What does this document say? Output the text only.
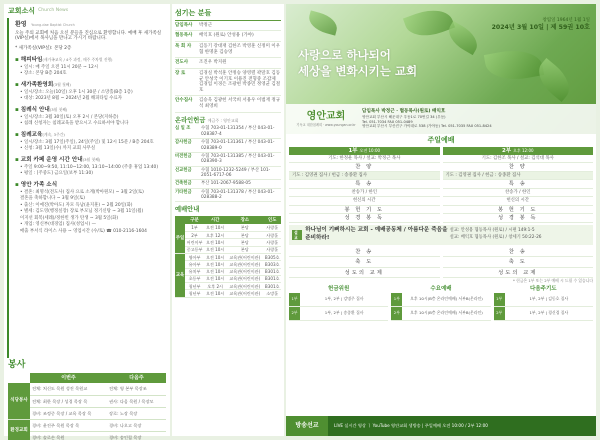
교회소식 Church News
환영 Young-dae Baptist Church
오늘 주의 교회에 처음 오신 분들을 진심으로 환영합니다. 예배 후 새가족실(VIP실)에서 목사님을 만나고 가시기 바랍니다.
* 새가족실(VIP실): 본당 2층
▪ 해피타임(새가족교육 / 4주 과정, 매주 주차별 진행)
• 일시: 매 주일 오전 11시 20분 ~ 12시
• 장소: 본당 B층 204호
▪ 새가족환영회(3월 첫째)
• 일시/장소: 오늘(10일) 오후 1시 30분 / 소망홀(B층 1층)
• 대상: 2023년 8월 ~ 2024년 2월 해피타임 수료자
▪ 침례식 안내(3월 첫째)
• 일시/장소: 3월 30일(토) 오후 2시 / 본당(지하층)
• 침례 신청자는 침례교육을 받으시고 수료하셔야 합니다
▪ 침례교육(계속, 3주간)
• 일시/장소: 3월 17일(주일), 24일(주일) 및 12시 15분 / B층 204호
• 신청: 3월 13일(수) 까지 교회 사무실
▪ 교회 카페 운영 시간 안내(3월 첫째)
• 주일 9:00~9:50, 11:10~12:00, 13:10~14:00 (주중 휴업 13:40)
• 평일 : [주중도] 금요일(보부 11:30)
▪ 영안 가족 소식
• 결혼: 최명석(전도사) 집사 요로 소계(박아원모) ~ 3월 2일(토)
결혼을 축하합니다 ~ 3월 9일(토)
• 출산: 이예진(박아도) 자모 득남(윤지훈) ~ 2월 20일(화)
• 별세: 김도영(행정실장) 장로 부모님 정기신탕 ~ 3월 11일(월)
이지선 회복(세례)/정한빈 생가 탄생 ~ 3월 5일(화)
• 개업: 영신부(대경엄) 집사(성업시) —
매출 부서식 라이스 사용 ~ 영업시간 (수/토) ☎ 010-2116-1604
봉사
	이번주	다음주
식당봉사	전체: 처신도 목원 성진 목원교	전체: 영 본부 목장조
	전체: 최한 목장 / 성경 목장 목	권사: 다음 목원 / 목장모
	경비: 조정중 목장 / 교육 목장 목	장로: 노장 목장
환경교회	경비: 윤진주 목원 목장 목	경비: 나오고 목장
	경비: 솔로손 목원	경비: 송인철 목장
섬기는 분들
담임목사	박정근
협동목사	배익호 (원로) 안성용 (가야)
목 회 자	김동기 강대재 김한조 박영훈 신정미 이우협 한명훈 김승영
전도사	조진우 박지원
장 로	김경실 박석훈 안정승 양영렬 곽말호 김동균 안성국 이기호 이용진 전형중 조갑제 김경업 이경은 조광현 박종민 정영균 김철호
안수집사	김승욱 김광헌 서국희 서용우 이범재 정규석 최영희
온라인헌금 예금주 : 영안교회
십 일 조	수협 703-01-131354 / 부산 043-01-028387-4
감사헌금	수협 703-01-131361 / 부산 043-01-028389-0
비전헌금	수협 703-01-131385 / 부산 043-01-028390-3
선교헌금	수협 1010-1232-5249 / 부산 101-2051-6717-06
건축헌금	부산 101-2067-9588-05
기타헌금	수협 703-01-131378 / 부산 043-01-028388-2
예배안내
	구분	시간	장소	인도
주일	1부	오전 10시	본당	사랑홀
	2부	오후 12시	본당	사랑홀
	어린이부	오전 10시	본당	사랑홀
	중고등부	오전 10시	본당	사랑홀
교육	영아부	오전 10시	교육관(어린이관)	B305호
	유아부	오전 10시	교육관(어린이관)	B303호
	유치부	오전 10시	교육관(어린이관)	B301호
	초등부	오전 10시	교육관(어린이관)	B301호
	청년부	오후 2시	교육관(어린이관)	B301호
	청년부	오전 10시	교육관(어린이관)	소망홀
창립일 1964년 1월 1일
2024년 3월 10일 | 제 59권 10호
사랑으로 하나되어
세상을 변화시키는 교회
영안교회
기독교 대한침례회 · www.youngan.or.kr
담임목사 박정근 · 협동목사(원로) 배익호
영안교회 부산시 해운대구 우동1로 70번길 34 (우동)
Tel. 051-7034 FAX 051-0489
영안교회 부산시 부산진구 가야대로 538 (가야동) Tel. 051-7035 FAX 051-8424
주일예배
1부 오전 10:00
기도: 한정운 목사 / 설교: 박정근 목사
찬 양
기도 : 김영권 집사 / 헌금 : 송종환 집사
특 송
찬송가 / 한인
헌신의 시간
봉 헌 기 도
성 경 봉 독
2부 오후 12:00
기도: 김한조 목사 / 설교: 김석대 목사
찬 양
기도 : 김영권 집사 / 헌금 : 송종환 집사
특 송
찬송가 / 한인
헌신의 시간
봉 헌 기 도
성 경 봉 독
설교
하나님이 기뻐하시는 교회 - 예배공동체 / 아름다운 죽음을 준비하라!
설교: 안성용 협동목사 (원로) / 시편 149:1-5
설교: 배익호 협동목사 (원로) / 창세기 50:22-26
찬 송
축 도
성도의 교제
찬 송
축 도
성도의 교제
* 헌금은 1부 또는 2부 예배 시 드릴 수 있습니다
헌금위원	수요예배	다음주기도
1부	1부, 2부 | 강명주 집사
2부	1부, 2부 | 송종환 집사
1부	오후 10시(B층 온라인예배) 서부B(온라인)
2부	오후 10시(B층 온라인예배) 서부B(온라인)
1부	1부, 2부 | 김동호 집사
2부	1부, 2부 | 경신경 집사
방송선교	LIVE 실시간 영상 ㅣ YouTube 영안교회 생방송 | 주일예배 오전 10:00 / 2부 12:00
